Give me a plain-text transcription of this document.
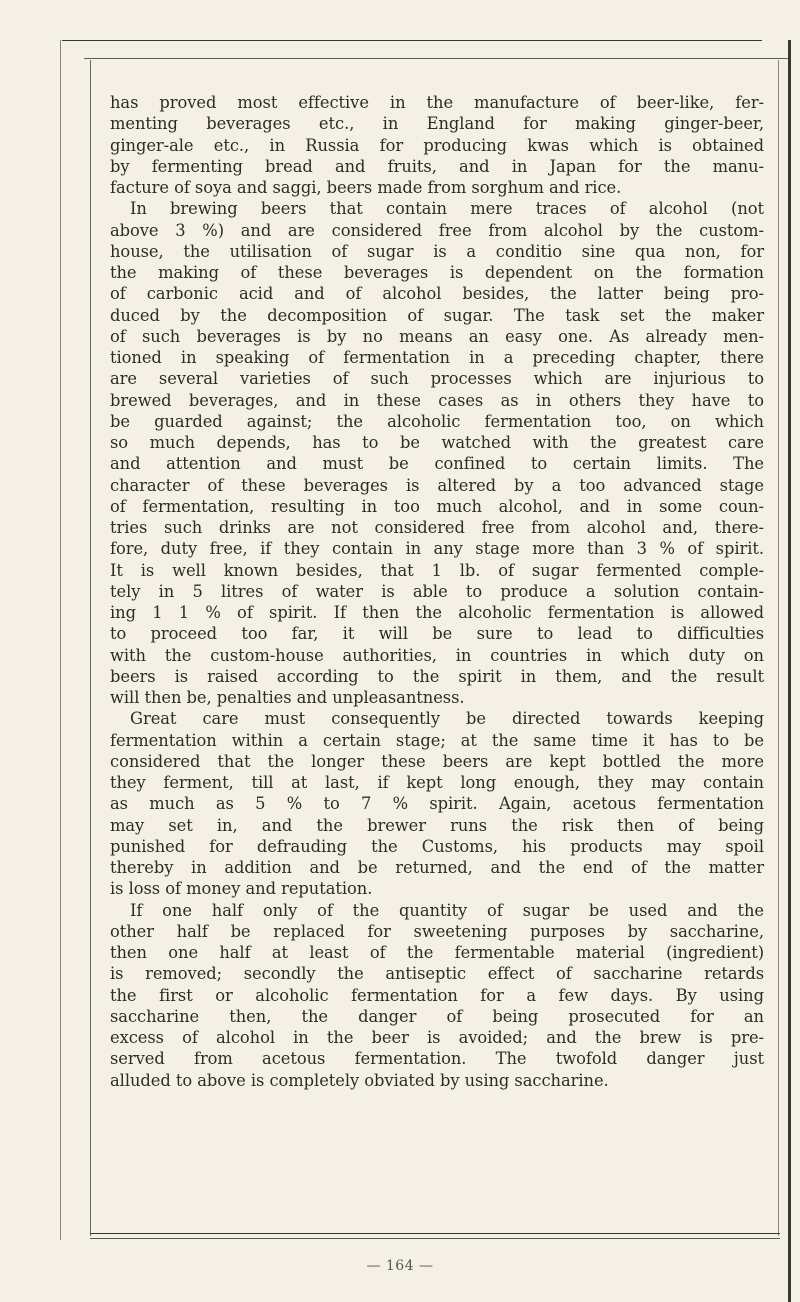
has proved most effective in the manufacture of beer-like, fer-
menting beverages etc., in England for making ginger-beer,
ginger-ale etc., in Russia for producing kwas which is obtained
by fermenting bread and fruits, and in Japan for the manu-
facture of soya and saggi, beers made from sorghum and rice.
In brewing beers that contain mere traces of alcohol (not
above 3 %) and are considered free from alcohol by the custom-
house, the utilisation of sugar is a conditio sine qua non, for
the making of these beverages is dependent on the formation
of carbonic acid and of alcohol besides, the latter being pro-
duced by the decomposition of sugar. The task set the maker
of such beverages is by no means an easy one. As already men-
tioned in speaking of fermentation in a preceding chapter, there
are several varieties of such processes which are injurious to
brewed beverages, and in these cases as in others they have to
be guarded against; the alcoholic fermentation too, on which
so much depends, has to be watched with the greatest care
and attention and must be confined to certain limits. The
character of these beverages is altered by a too advanced stage
of fermentation, resulting in too much alcohol, and in some coun-
tries such drinks are not considered free from alcohol and, there-
fore, duty free, if they contain in any stage more than 3 % of spirit.
It is well known besides, that 1 lb. of sugar fermented comple-
tely in 5 litres of water is able to produce a solution contain-
ing 1 1 % of spirit. If then the alcoholic fermentation is allowed
to proceed too far, it will be sure to lead to difficulties
with the custom-house authorities, in countries in which duty on
beers is raised according to the spirit in them, and the result
will then be, penalties and unpleasantness.
Great care must consequently be directed towards keeping
fermentation within a certain stage; at the same time it has to be
considered that the longer these beers are kept bottled the more
they ferment, till at last, if kept long enough, they may contain
as much as 5 % to 7 % spirit. Again, acetous fermentation
may set in, and the brewer runs the risk then of being
punished for defrauding the Customs, his products may spoil
thereby in addition and be returned, and the end of the matter
is loss of money and reputation.
If one half only of the quantity of sugar be used and the
other half be replaced for sweetening purposes by saccharine,
then one half at least of the fermentable material (ingredient)
is removed; secondly the antiseptic effect of saccharine retards
the first or alcoholic fermentation for a few days. By using
saccharine then, the danger of being prosecuted for an
excess of alcohol in the beer is avoided; and the brew is pre-
served from acetous fermentation. The twofold danger just
alluded to above is completely obviated by using saccharine.
— 164 —
